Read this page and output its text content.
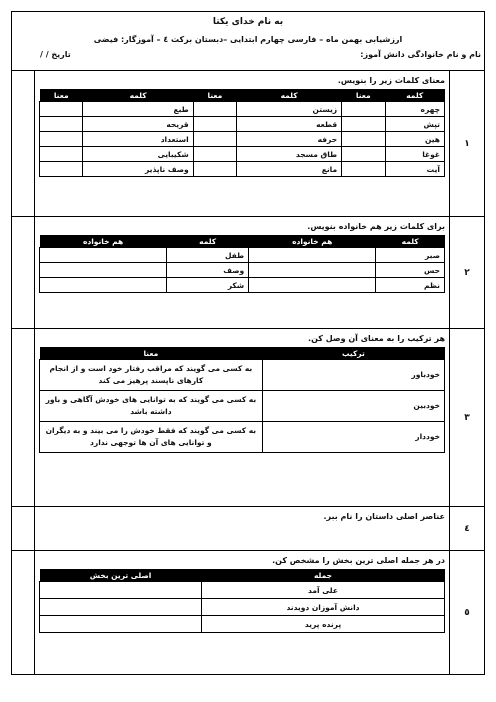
به نام خدای یکتا
ارزشیابی بهمن ماه – فارسی چهارم ابتدایی –دبستان برکت ٤ – آموزگار: فیضی
نام و نام خانوادگی دانش آموز:
تاریخ / /
١
معنای کلمات زیر را بنویس.
کلمه	معنا	کلمه	معنا	کلمه	معنا
چهره		زیستن		طبع	
تپش		قطعه		قریحه	
هین		حرفه		استعداد	
غوغا		طاق مسجد		شکیبایی	
آیت		مانع		وصف ناپذیر	
٢
برای کلمات زیر هم خانواده بنویس.
کلمه	هم خانواده	کلمه	هم خانواده
صبر		طفل	
حس		وصف	
نظم		شکر	
٣
هر ترکیب را به معنای آن وصل کن.
ترکیب	معنا
خودباور	به کسی می گویند که مراقب رفتار خود است و از انجام کارهای ناپسند پرهیز می کند
خودبین	به کسی می گویند که به توانایی های خودش آگاهی و باور داشته باشد
خوددار	به کسی می گویند که فقط خودش را می بیند و به دیگران و توانایی های آن ها توجهی ندارد
٤
عناصر اصلی داستان را نام ببر.
٥
در هر جمله اصلی ترین بخش را مشخص کن.
جمله	اصلی ترین بخش
علی آمد	
دانش آموزان دویدند	
پرنده پرید	
